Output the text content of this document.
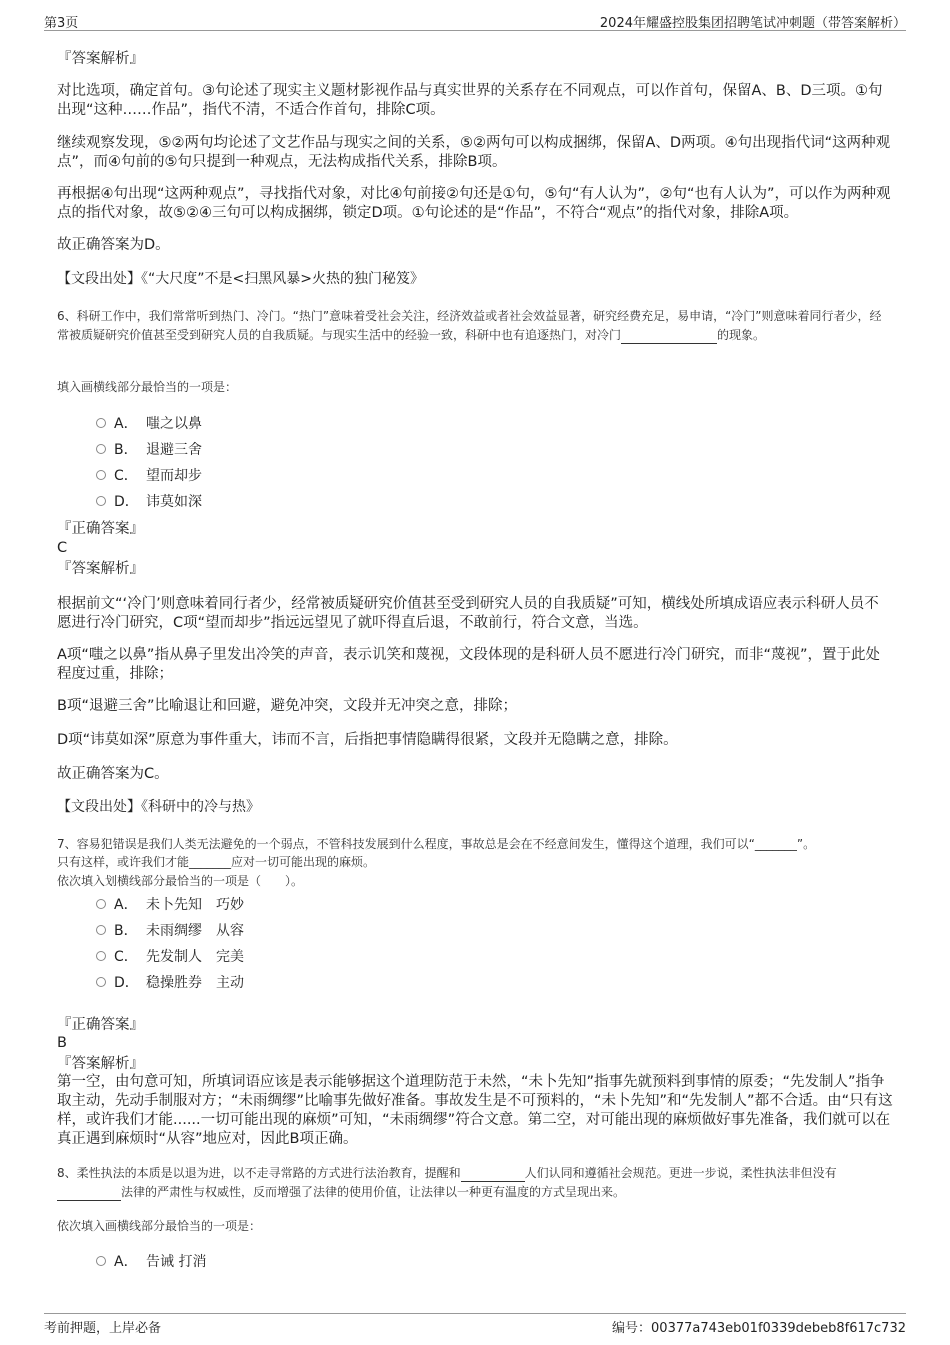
第3页	2024年耀盛控股集团招聘笔试冲刺题（带答案解析）
『答案解析』
对比选项，确定首句。③句论述了现实主义题材影视作品与真实世界的关系存在不同观点，可以作首句，保留A、B、D三项。①句出现“这种……作品”，指代不清，不适合作首句，排除C项。
继续观察发现，⑤②两句均论述了文艺作品与现实之间的关系，⑤②两句可以构成捆绑，保留A、D两项。④句出现指代词“这两种观点”，而④句前的⑤句只提到一种观点，无法构成指代关系，排除B项。
再根据④句出现“这两种观点”，寻找指代对象，对比④句前接②句还是①句，⑤句“有人认为”，②句“也有人认为”，可以作为两种观点的指代对象，故⑤②④三句可以构成捆绑，锁定D项。①句论述的是“作品”，不符合“观点”的指代对象，排除A项。
故正确答案为D。
【文段出处】《“大尺度”不是<扫黑风暴>火热的独门秘笈》
6、科研工作中，我们常常听到热门、冷门。“热门”意味着受社会关注，经济效益或者社会效益显著，研究经费充足，易申请，“冷门”则意味着同行者少，经常被质疑研究价值甚至受到研究人员的自我质疑。与现实生活中的经验一致，科研中也有追逐热门，对冷门	的现象。
填入画横线部分最恰当的一项是：
A． 嗤之以鼻
B． 退避三舍
C． 望而却步
D． 讳莫如深
『正确答案』
C
『答案解析』
根据前文“‘冷门’则意味着同行者少，经常被质疑研究价值甚至受到研究人员的自我质疑”可知，横线处所填成语应表示科研人员不愿进行冷门研究，C项“望而却步”指远远望见了就吓得直后退，不敢前行，符合文意，当选。
A项“嗤之以鼻”指从鼻子里发出冷笑的声音，表示讥笑和蔑视，文段体现的是科研人员不愿进行冷门研究，而非“蔑视”，置于此处程度过重，排除；
B项“退避三舍”比喻退让和回避，避免冲突，文段并无冲突之意，排除；
D项“讳莫如深”原意为事件重大，讳而不言，后指把事情隐瞒得很紧，文段并无隐瞒之意，排除。
故正确答案为C。
【文段出处】《科研中的冷与热》
7、容易犯错误是我们人类无法避免的一个弱点，不管科技发展到什么程度，事故总是会在不经意间发生，懂得这个道理，我们可以“_______”。
只有这样，或许我们才能_______应对一切可能出现的麻烦。
依次填入划横线部分最恰当的一项是（　　）。
A． 未卜先知　巧妙
B． 未雨绸缪　从容
C． 先发制人　完美
D． 稳操胜券　主动
『正确答案』
B
『答案解析』
第一空，由句意可知，所填词语应该是表示能够据这个道理防范于未然，“未卜先知”指事先就预料到事情的原委；“先发制人”指争取主动，先动手制服对方；“未雨绸缪”比喻事先做好准备。事故发生是不可预料的，“未卜先知”和“先发制人”都不合适。由“只有这样，或许我们才能......一切可能出现的麻烦”可知，“未雨绸缪”符合文意。第二空，对可能出现的麻烦做好事先准备，我们就可以在真正遇到麻烦时“从容”地应对，因此B项正确。
8、柔性执法的本质是以退为进，以不走寻常路的方式进行法治教育，提醒和	人们认同和遵循社会规范。更进一步说，柔性执法非但没有 法律的严肃性与权威性，反而增强了法律的使用价值，让法律以一种更有温度的方式呈现出来。
依次填入画横线部分最恰当的一项是：
A． 告诫 打消
考前押题，上岸必备	编号：00377a743eb01f0339debeb8f617c732
